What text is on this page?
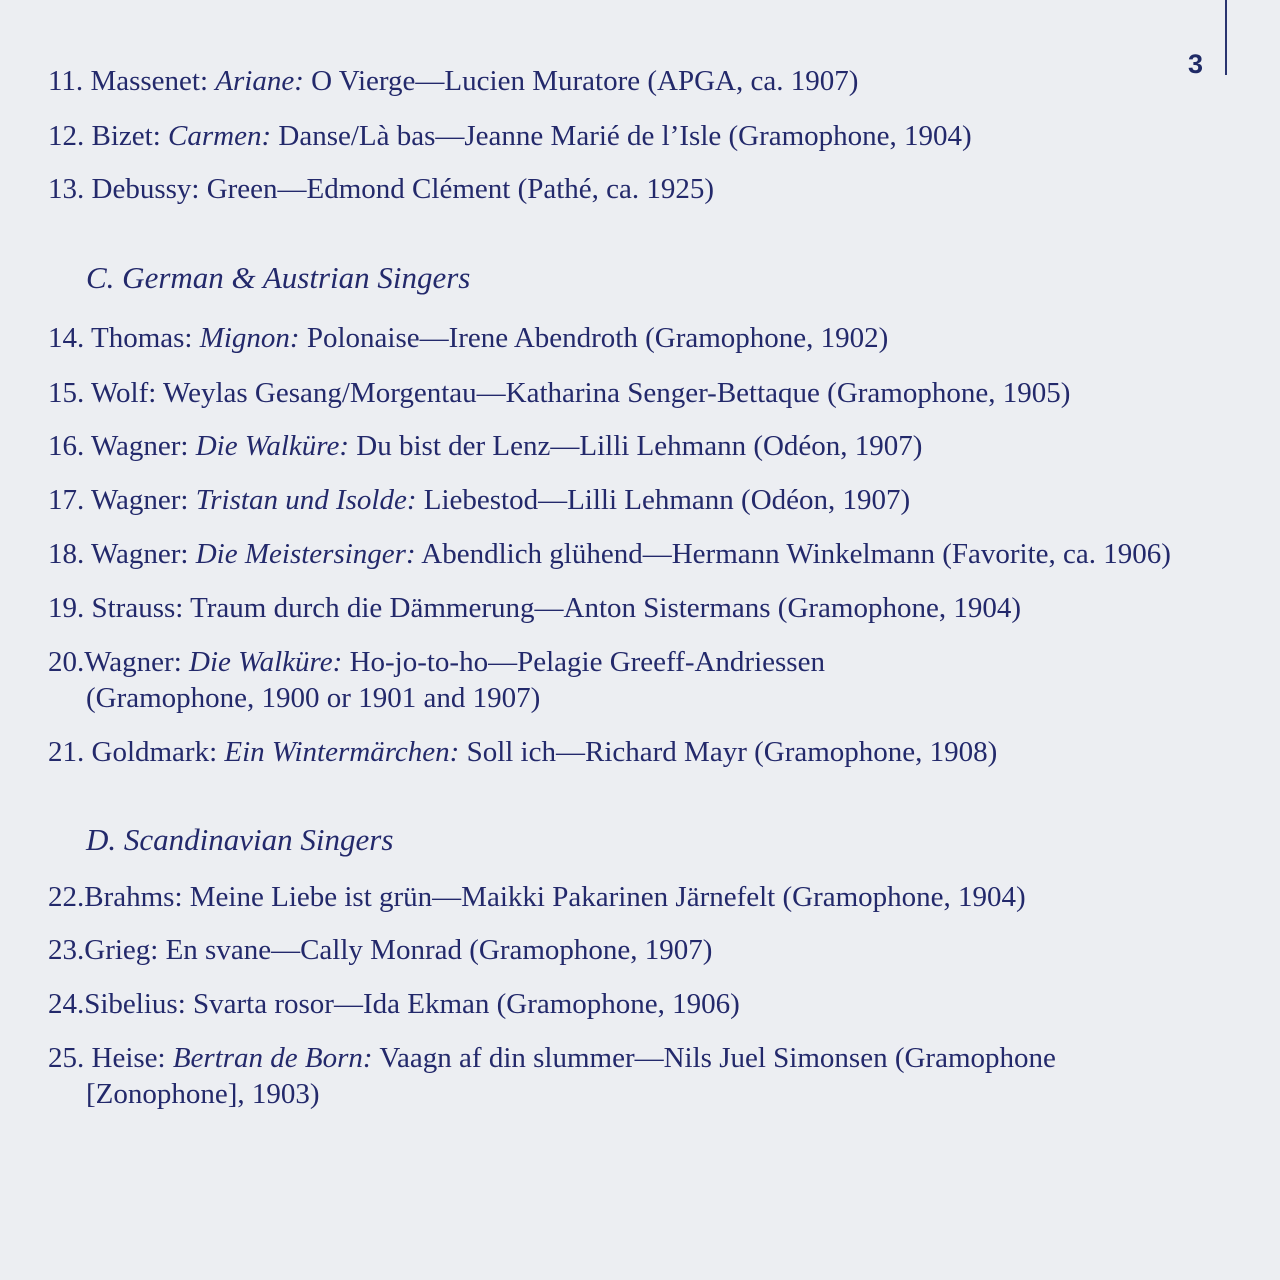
3
11. Massenet: Ariane: O Vierge—Lucien Muratore (APGA, ca. 1907)
12. Bizet: Carmen: Danse/Là bas—Jeanne Marié de l’Isle (Gramophone, 1904)
13. Debussy: Green—Edmond Clément (Pathé, ca. 1925)
C. German & Austrian Singers
14. Thomas: Mignon: Polonaise—Irene Abendroth (Gramophone, 1902)
15. Wolf: Weylas Gesang/Morgentau—Katharina Senger-Bettaque (Gramophone, 1905)
16. Wagner: Die Walküre: Du bist der Lenz—Lilli Lehmann (Odéon, 1907)
17. Wagner: Tristan und Isolde: Liebestod—Lilli Lehmann (Odéon, 1907)
18. Wagner: Die Meistersinger: Abendlich glühend—Hermann Winkelmann (Favorite, ca. 1906)
19. Strauss: Traum durch die Dämmerung—Anton Sistermans (Gramophone, 1904)
20.Wagner: Die Walküre: Ho-jo-to-ho—Pelagie Greeff-Andriessen
(Gramophone, 1900 or 1901 and 1907)
21. Goldmark: Ein Wintermärchen: Soll ich—Richard Mayr (Gramophone, 1908)
D. Scandinavian Singers
22.Brahms: Meine Liebe ist grün—Maikki Pakarinen Järnefelt (Gramophone, 1904)
23.Grieg: En svane—Cally Monrad (Gramophone, 1907)
24.Sibelius: Svarta rosor—Ida Ekman (Gramophone, 1906)
25. Heise: Bertran de Born: Vaagn af din slummer—Nils Juel Simonsen (Gramophone
[Zonophone], 1903)
